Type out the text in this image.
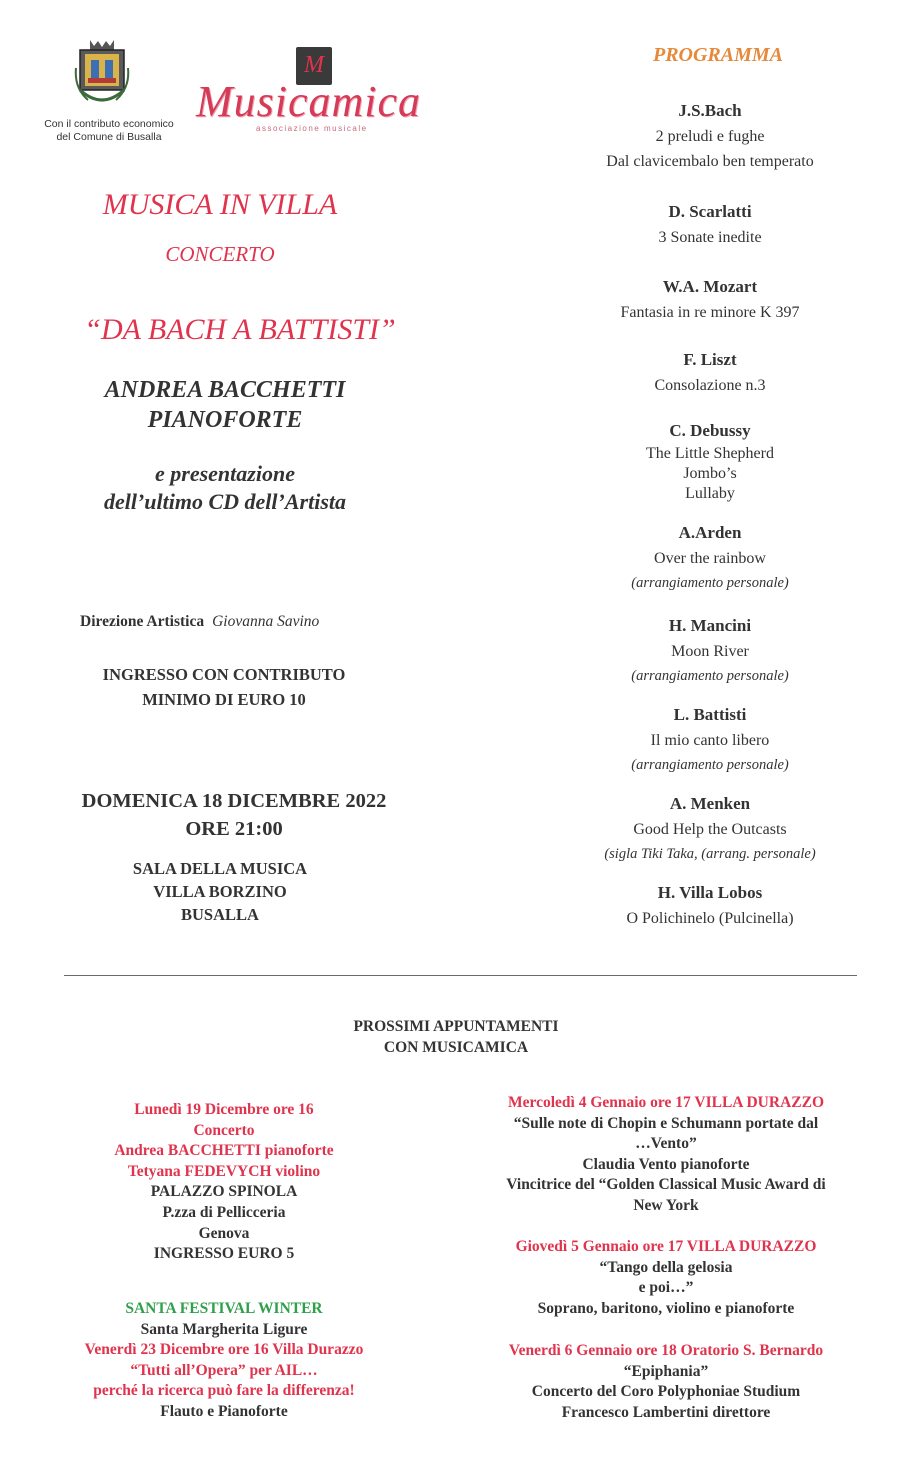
Con il contributo economico
del Comune di Busalla
M
Musicamica
associazione musicale
MUSICA IN VILLA
CONCERTO
“DA BACH A BATTISTI”
ANDREA BACCHETTI
PIANOFORTE
e presentazione
dell’ultimo CD dell’Artista
Direzione Artistica Giovanna Savino
INGRESSO CON CONTRIBUTO
MINIMO DI EURO 10
DOMENICA 18 DICEMBRE 2022
ORE 21:00
SALA DELLA MUSICA
VILLA BORZINO
BUSALLA
PROGRAMMA
J.S.Bach
2 preludi e fughe
Dal clavicembalo ben temperato
D. Scarlatti
3 Sonate inedite
W.A. Mozart
Fantasia in re minore K 397
F. Liszt
Consolazione n.3
C. Debussy
The Little Shepherd
Jombo’s
Lullaby
A.Arden
Over the rainbow
(arrangiamento personale)
H. Mancini
Moon River
(arrangiamento personale)
L. Battisti
Il mio canto libero
(arrangiamento personale)
A. Menken
Good Help the Outcasts
(sigla Tiki Taka, (arrang. personale)
H. Villa Lobos
O Polichinelo (Pulcinella)
PROSSIMI APPUNTAMENTI
CON MUSICAMICA
Lunedì 19 Dicembre ore 16
Concerto
Andrea BACCHETTI pianoforte
Tetyana FEDEVYCH violino
PALAZZO SPINOLA
P.zza di Pellicceria
Genova
INGRESSO EURO 5
SANTA FESTIVAL WINTER
Santa Margherita Ligure
Venerdì 23 Dicembre ore 16 Villa Durazzo
“Tutti all’Opera” per AIL…
perché la ricerca può fare la differenza!
Flauto e Pianoforte
Mercoledì 4 Gennaio ore 17 VILLA DURAZZO
“Sulle note di Chopin e Schumann portate dal
…Vento”
Claudia Vento pianoforte
Vincitrice del “Golden Classical Music Award di
New York
Giovedì 5 Gennaio ore 17 VILLA DURAZZO
“Tango della gelosia
e poi…”
Soprano, baritono, violino e pianoforte
Venerdì 6 Gennaio ore 18 Oratorio S. Bernardo
“Epiphania”
Concerto del Coro Polyphoniae Studium
Francesco Lambertini direttore
